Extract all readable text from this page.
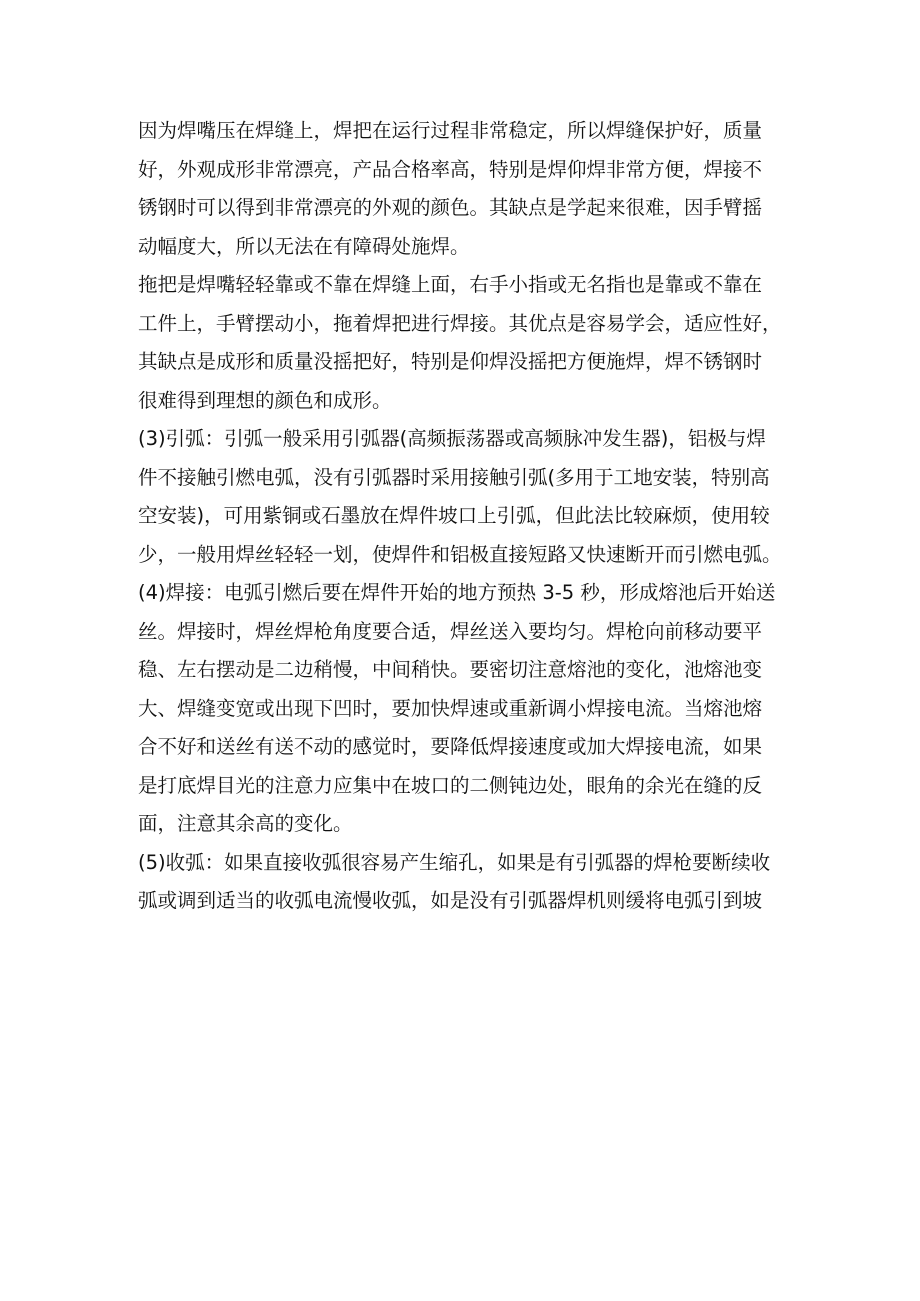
因为焊嘴压在焊缝上，焊把在运行过程非常稳定，所以焊缝保护好，质量
好，外观成形非常漂亮，产品合格率高，特别是焊仰焊非常方便，焊接不
锈钢时可以得到非常漂亮的外观的颜色。其缺点是学起来很难，因手臂摇
动幅度大，所以无法在有障碍处施焊。
拖把是焊嘴轻轻靠或不靠在焊缝上面，右手小指或无名指也是靠或不靠在
工件上，手臂摆动小，拖着焊把进行焊接。其优点是容易学会，适应性好，
其缺点是成形和质量没摇把好，特别是仰焊没摇把方便施焊，焊不锈钢时
很难得到理想的颜色和成形。
(3)引弧：引弧一般采用引弧器(高频振荡器或高频脉冲发生器)，铝极与焊
件不接触引燃电弧，没有引弧器时采用接触引弧(多用于工地安装，特别高
空安装)，可用紫铜或石墨放在焊件坡口上引弧，但此法比较麻烦，使用较
少，一般用焊丝轻轻一划，使焊件和铝极直接短路又快速断开而引燃电弧。
(4)焊接：电弧引燃后要在焊件开始的地方预热 3-5 秒，形成熔池后开始送
丝。焊接时，焊丝焊枪角度要合适，焊丝送入要均匀。焊枪向前移动要平
稳、左右摆动是二边稍慢，中间稍快。要密切注意熔池的变化，池熔池变
大、焊缝变宽或出现下凹时，要加快焊速或重新调小焊接电流。当熔池熔
合不好和送丝有送不动的感觉时，要降低焊接速度或加大焊接电流，如果
是打底焊目光的注意力应集中在坡口的二侧钝边处，眼角的余光在缝的反
面，注意其余高的变化。
(5)收弧：如果直接收弧很容易产生缩孔，如果是有引弧器的焊枪要断续收
弧或调到适当的收弧电流慢收弧，如是没有引弧器焊机则缓将电弧引到坡
